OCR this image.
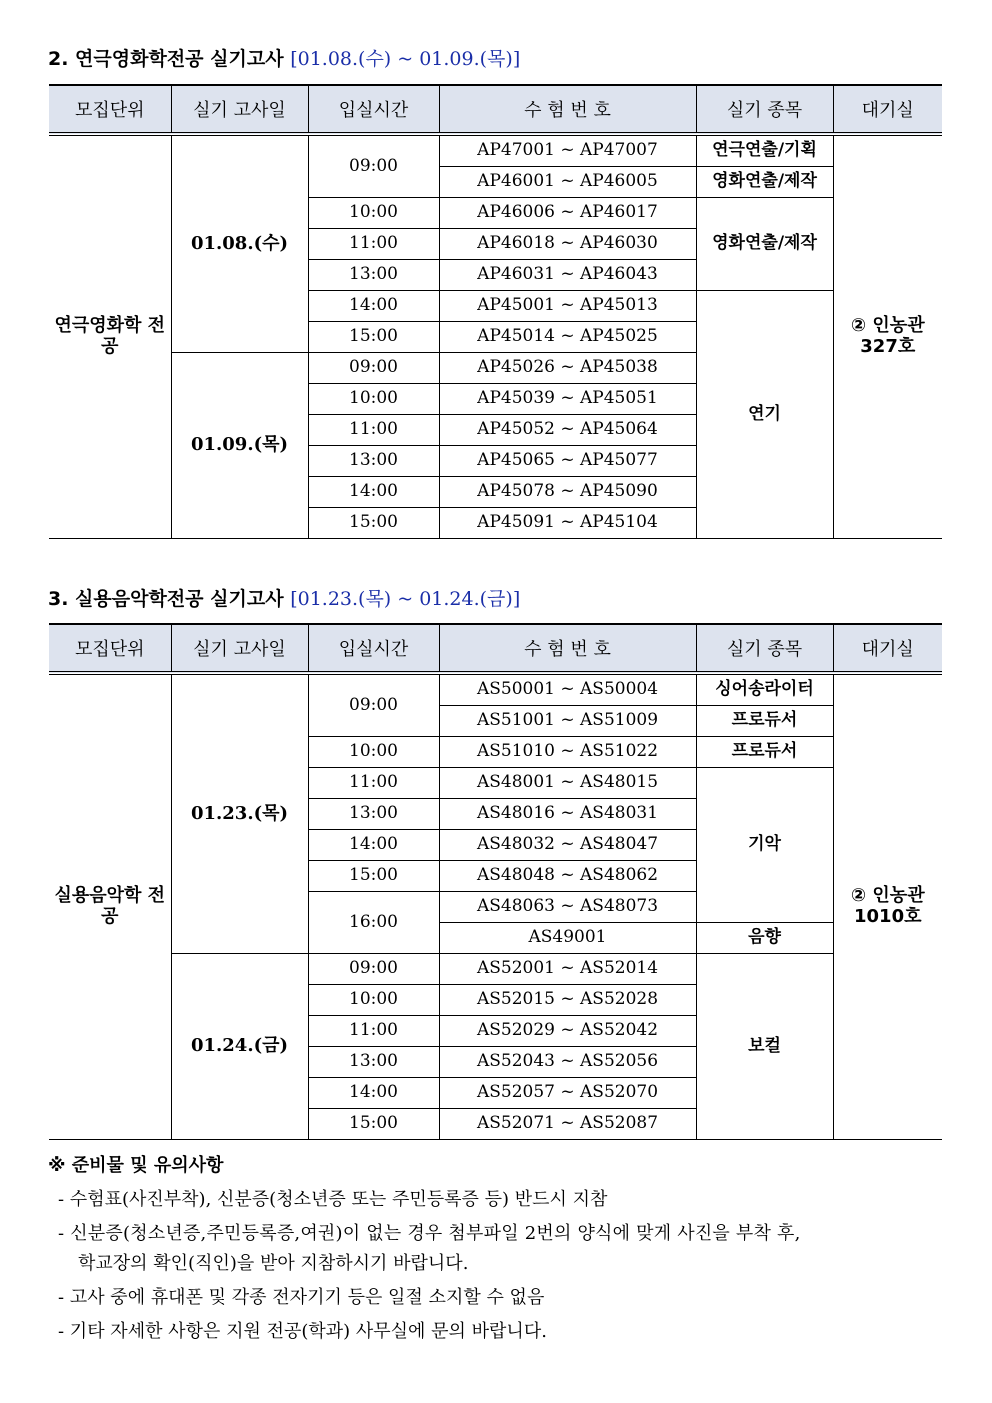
2. 연극영화학전공 실기고사 [01.08.(수) ~ 01.09.(목)]
모집단위	실기 고사일	입실시간	수 험 번 호	실기 종목	대기실
연극영화학 전공	01.08.(수)	09:00	AP47001 ~ AP47007	연극연출/기획	② 인농관 327호
			AP46001 ~ AP46005	영화연출/제작	
		10:00	AP46006 ~ AP46017	영화연출/제작	
		11:00	AP46018 ~ AP46030		
		13:00	AP46031 ~ AP46043		
		14:00	AP45001 ~ AP45013	연기	
		15:00	AP45014 ~ AP45025		
	01.09.(목)	09:00	AP45026 ~ AP45038		
		10:00	AP45039 ~ AP45051		
		11:00	AP45052 ~ AP45064		
		13:00	AP45065 ~ AP45077		
		14:00	AP45078 ~ AP45090		
		15:00	AP45091 ~ AP45104		
3. 실용음악학전공 실기고사 [01.23.(목) ~ 01.24.(금)]
모집단위	실기 고사일	입실시간	수 험 번 호	실기 종목	대기실
실용음악학 전공	01.23.(목)	09:00	AS50001 ~ AS50004	싱어송라이터	② 인농관 1010호
			AS51001 ~ AS51009	프로듀서	
		10:00	AS51010 ~ AS51022	프로듀서	
		11:00	AS48001 ~ AS48015	기악	
		13:00	AS48016 ~ AS48031		
		14:00	AS48032 ~ AS48047		
		15:00	AS48048 ~ AS48062		
		16:00	AS48063 ~ AS48073		
			AS49001	음향	
	01.24.(금)	09:00	AS52001 ~ AS52014	보컬	
		10:00	AS52015 ~ AS52028		
		11:00	AS52029 ~ AS52042		
		13:00	AS52043 ~ AS52056		
		14:00	AS52057 ~ AS52070		
		15:00	AS52071 ~ AS52087		
※ 준비물 및 유의사항
- 수험표(사진부착), 신분증(청소년증 또는 주민등록증 등) 반드시 지참
- 신분증(청소년증,주민등록증,여권)이 없는 경우 첨부파일 2번의 양식에 맞게 사진을 부착 후,
학교장의 확인(직인)을 받아 지참하시기 바랍니다.
- 고사 중에 휴대폰 및 각종 전자기기 등은 일절 소지할 수 없음
- 기타 자세한 사항은 지원 전공(학과) 사무실에 문의 바랍니다.
